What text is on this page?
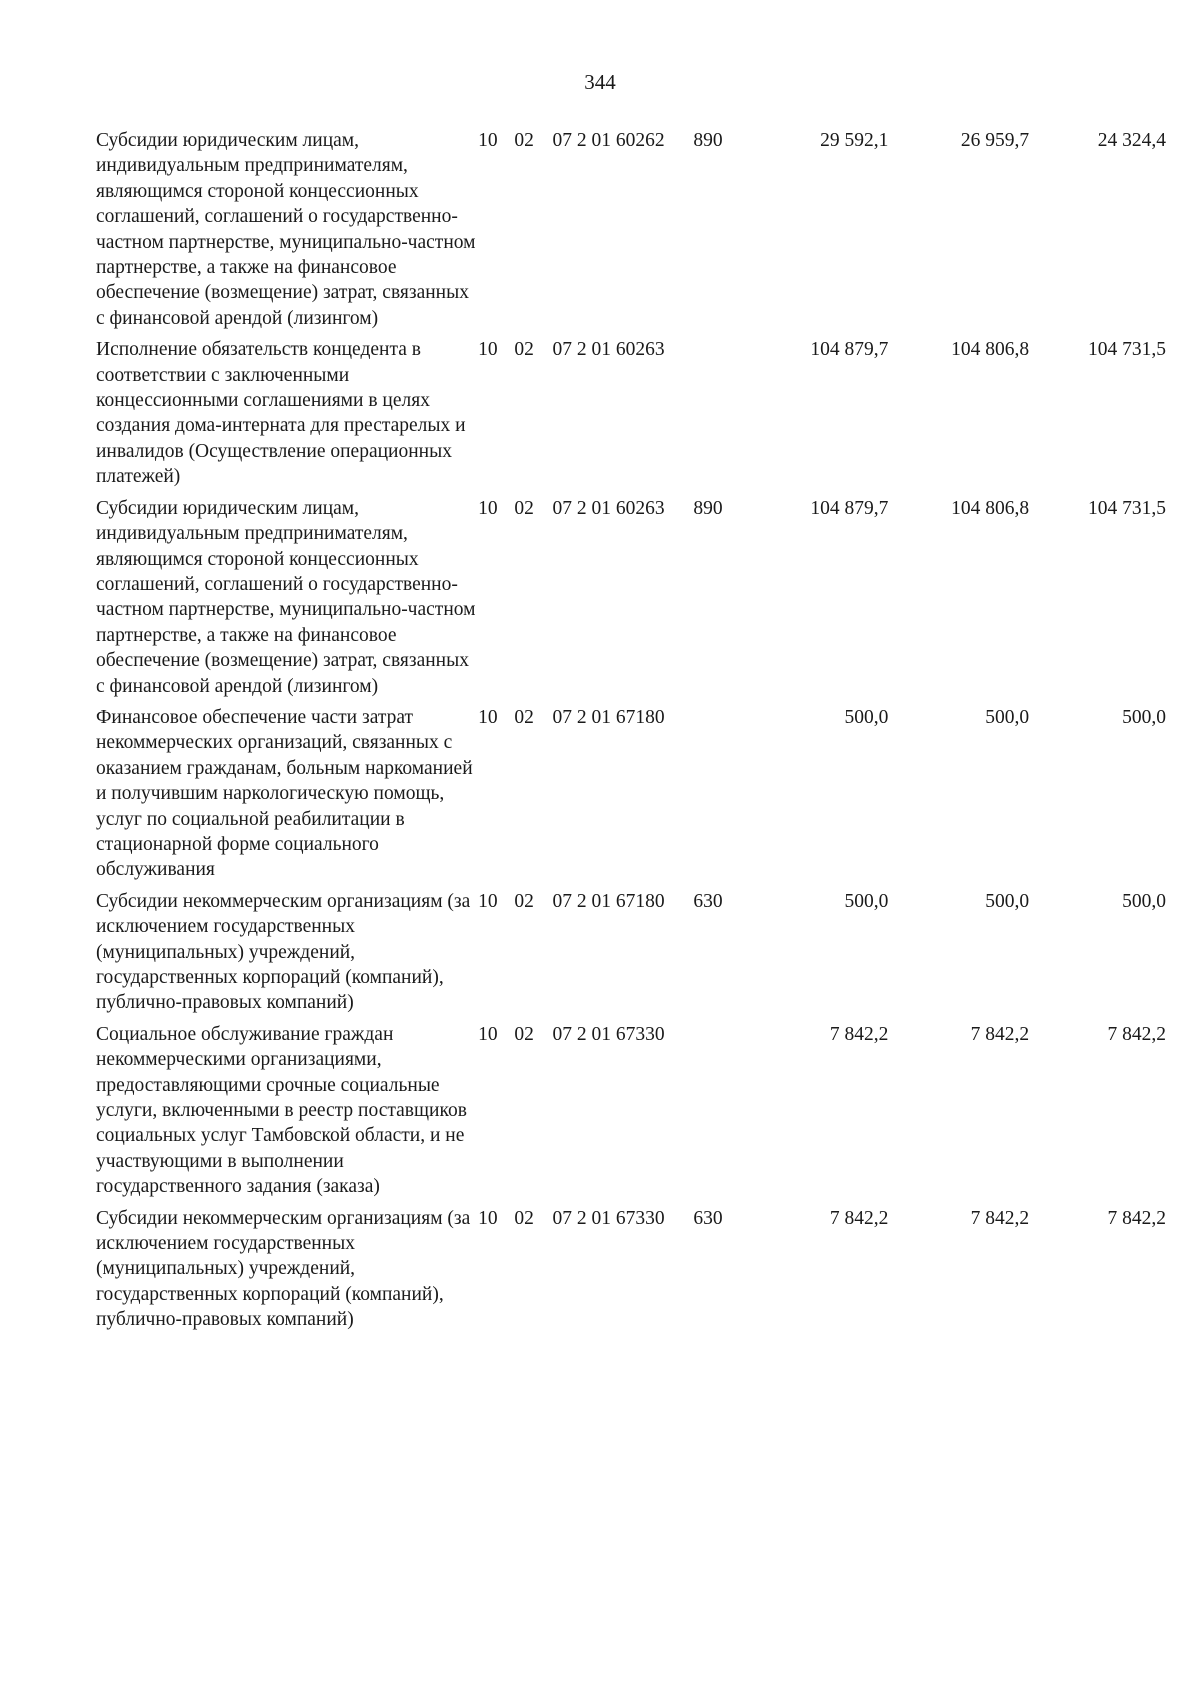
344
Субсидии юридическим лицам, индивидуальным предпринимателям, являющимся стороной концессионных соглашений, соглашений о государственно-частном партнерстве, муниципально-частном партнерстве, а также на финансовое обеспечение (возмещение) затрат, связанных с финансовой арендой (лизингом)	10	02	07 2 01 60262	890	29 592,1	26 959,7	24 324,4
Исполнение обязательств концедента в соответствии с заключенными концессионными соглашениями в целях создания дома-интерната для престарелых и инвалидов (Осуществление операционных платежей)	10	02	07 2 01 60263		104 879,7	104 806,8	104 731,5
Субсидии юридическим лицам, индивидуальным предпринимателям, являющимся стороной концессионных соглашений, соглашений о государственно-частном партнерстве, муниципально-частном партнерстве, а также на финансовое обеспечение (возмещение) затрат, связанных с финансовой арендой (лизингом)	10	02	07 2 01 60263	890	104 879,7	104 806,8	104 731,5
Финансовое обеспечение части затрат некоммерческих организаций, связанных с оказанием гражданам, больным наркоманией и получившим наркологическую помощь, услуг по социальной реабилитации в стационарной форме социального обслуживания	10	02	07 2 01 67180		500,0	500,0	500,0
Субсидии некоммерческим организациям (за исключением государственных (муниципальных) учреждений, государственных корпораций (компаний), публично-правовых компаний)	10	02	07 2 01 67180	630	500,0	500,0	500,0
Социальное обслуживание граждан некоммерческими организациями, предоставляющими срочные социальные услуги, включенными в реестр поставщиков социальных услуг Тамбовской области, и не участвующими в выполнении государственного задания (заказа)	10	02	07 2 01 67330		7 842,2	7 842,2	7 842,2
Субсидии некоммерческим организациям (за исключением государственных (муниципальных) учреждений, государственных корпораций (компаний), публично-правовых компаний)	10	02	07 2 01 67330	630	7 842,2	7 842,2	7 842,2
